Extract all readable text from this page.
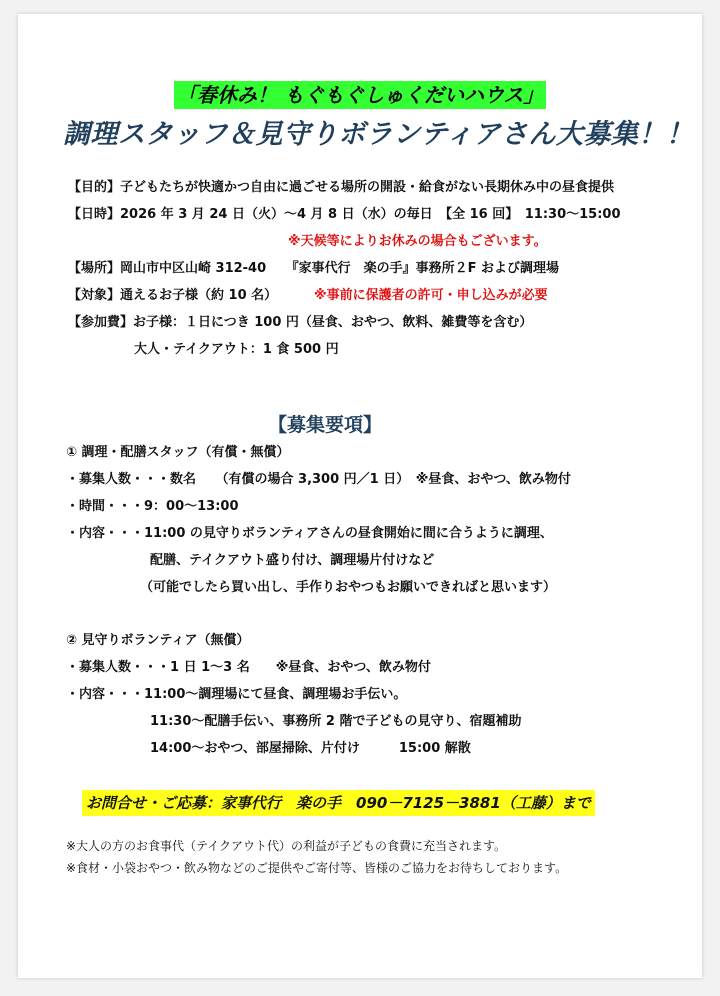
「春休み！ もぐもぐしゅくだいハウス」
調理スタッフ＆見守りボランティアさん大募集！！
【目的】子どもたちが快適かつ自由に過ごせる場所の開設・給食がない長期休み中の昼食提供
【日時】2026 年 3 月 24 日（火）～4 月 8 日（水）の毎日　【全 16 回】　11:30～15:00
※天候等によりお休みの場合もございます。
【場所】岡山市中区山崎 312-40　　『家事代行　楽の手』事務所２F および調理場
【対象】通えるお子様（約 10 名）	※事前に保護者の許可・申し込みが必要
【参加費】お子様：１日につき 100 円（昼食、おやつ、飲料、雑費等を含む）
大人・テイクアウト：1 食 500 円
【募集要項】
① 調理・配膳スタッフ（有償・無償）
・募集人数・・・数名　　（有償の場合 3,300 円／1 日）　※昼食、おやつ、飲み物付
・時間・・・9：00～13:00
・内容・・・11:00 の見守りボランティアさんの昼食開始に間に合うように調理、
配膳、テイクアウト盛り付け、調理場片付けなど
（可能でしたら買い出し、手作りおやつもお願いできればと思います）
② 見守りボランティア（無償）
・募集人数・・・1 日 1～3 名　　※昼食、おやつ、飲み物付
・内容・・・11:00～調理場にて昼食、調理場お手伝い。
11:30～配膳手伝い、事務所 2 階で子どもの見守り、宿題補助
14:00～おやつ、部屋掃除、片付け　　　15:00 解散
お問合せ・ご応募：家事代行　楽の手　090－7125－3881（工藤）まで
※大人の方のお食事代（テイクアウト代）の利益が子どもの食費に充当されます。
※食材・小袋おやつ・飲み物などのご提供やご寄付等、皆様のご協力をお待ちしております。
